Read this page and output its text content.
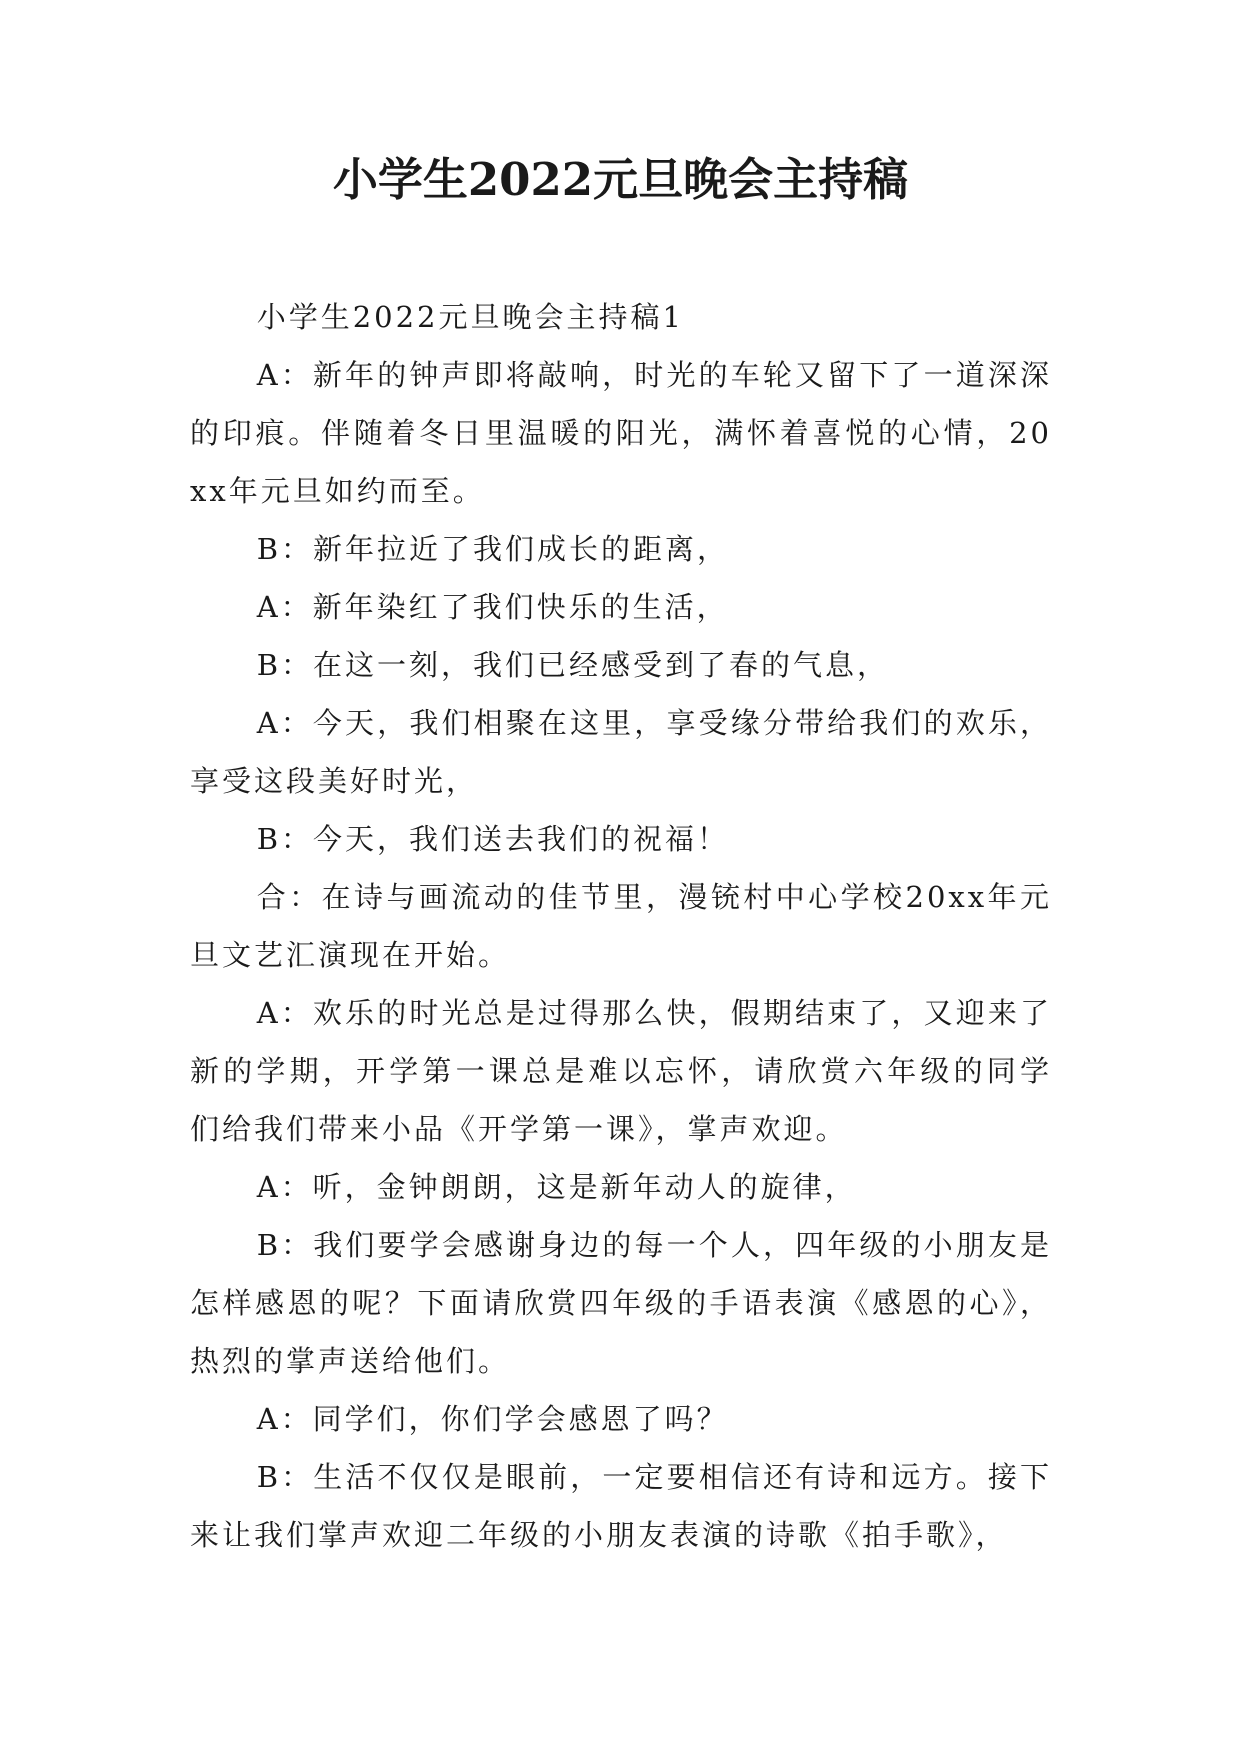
小学生2022元旦晚会主持稿

小学生2022元旦晚会主持稿1

A：新年的钟声即将敲响，时光的车轮又留下了一道深深的印痕。伴随着冬日里温暖的阳光，满怀着喜悦的心情，20xx年元旦如约而至。

B：新年拉近了我们成长的距离，

A：新年染红了我们快乐的生活，

B：在这一刻，我们已经感受到了春的气息，

A：今天，我们相聚在这里，享受缘分带给我们的欢乐，享受这段美好时光，

B：今天，我们送去我们的祝福！

合：在诗与画流动的佳节里，漫铳村中心学校20xx年元旦文艺汇演现在开始。

A：欢乐的时光总是过得那么快，假期结束了，又迎来了新的学期，开学第一课总是难以忘怀，请欣赏六年级的同学们给我们带来小品《开学第一课》，掌声欢迎。

A：听，金钟朗朗，这是新年动人的旋律，

B：我们要学会感谢身边的每一个人，四年级的小朋友是怎样感恩的呢？下面请欣赏四年级的手语表演《感恩的心》，热烈的掌声送给他们。

A：同学们，你们学会感恩了吗？

B：生活不仅仅是眼前，一定要相信还有诗和远方。接下来让我们掌声欢迎二年级的小朋友表演的诗歌《拍手歌》，
